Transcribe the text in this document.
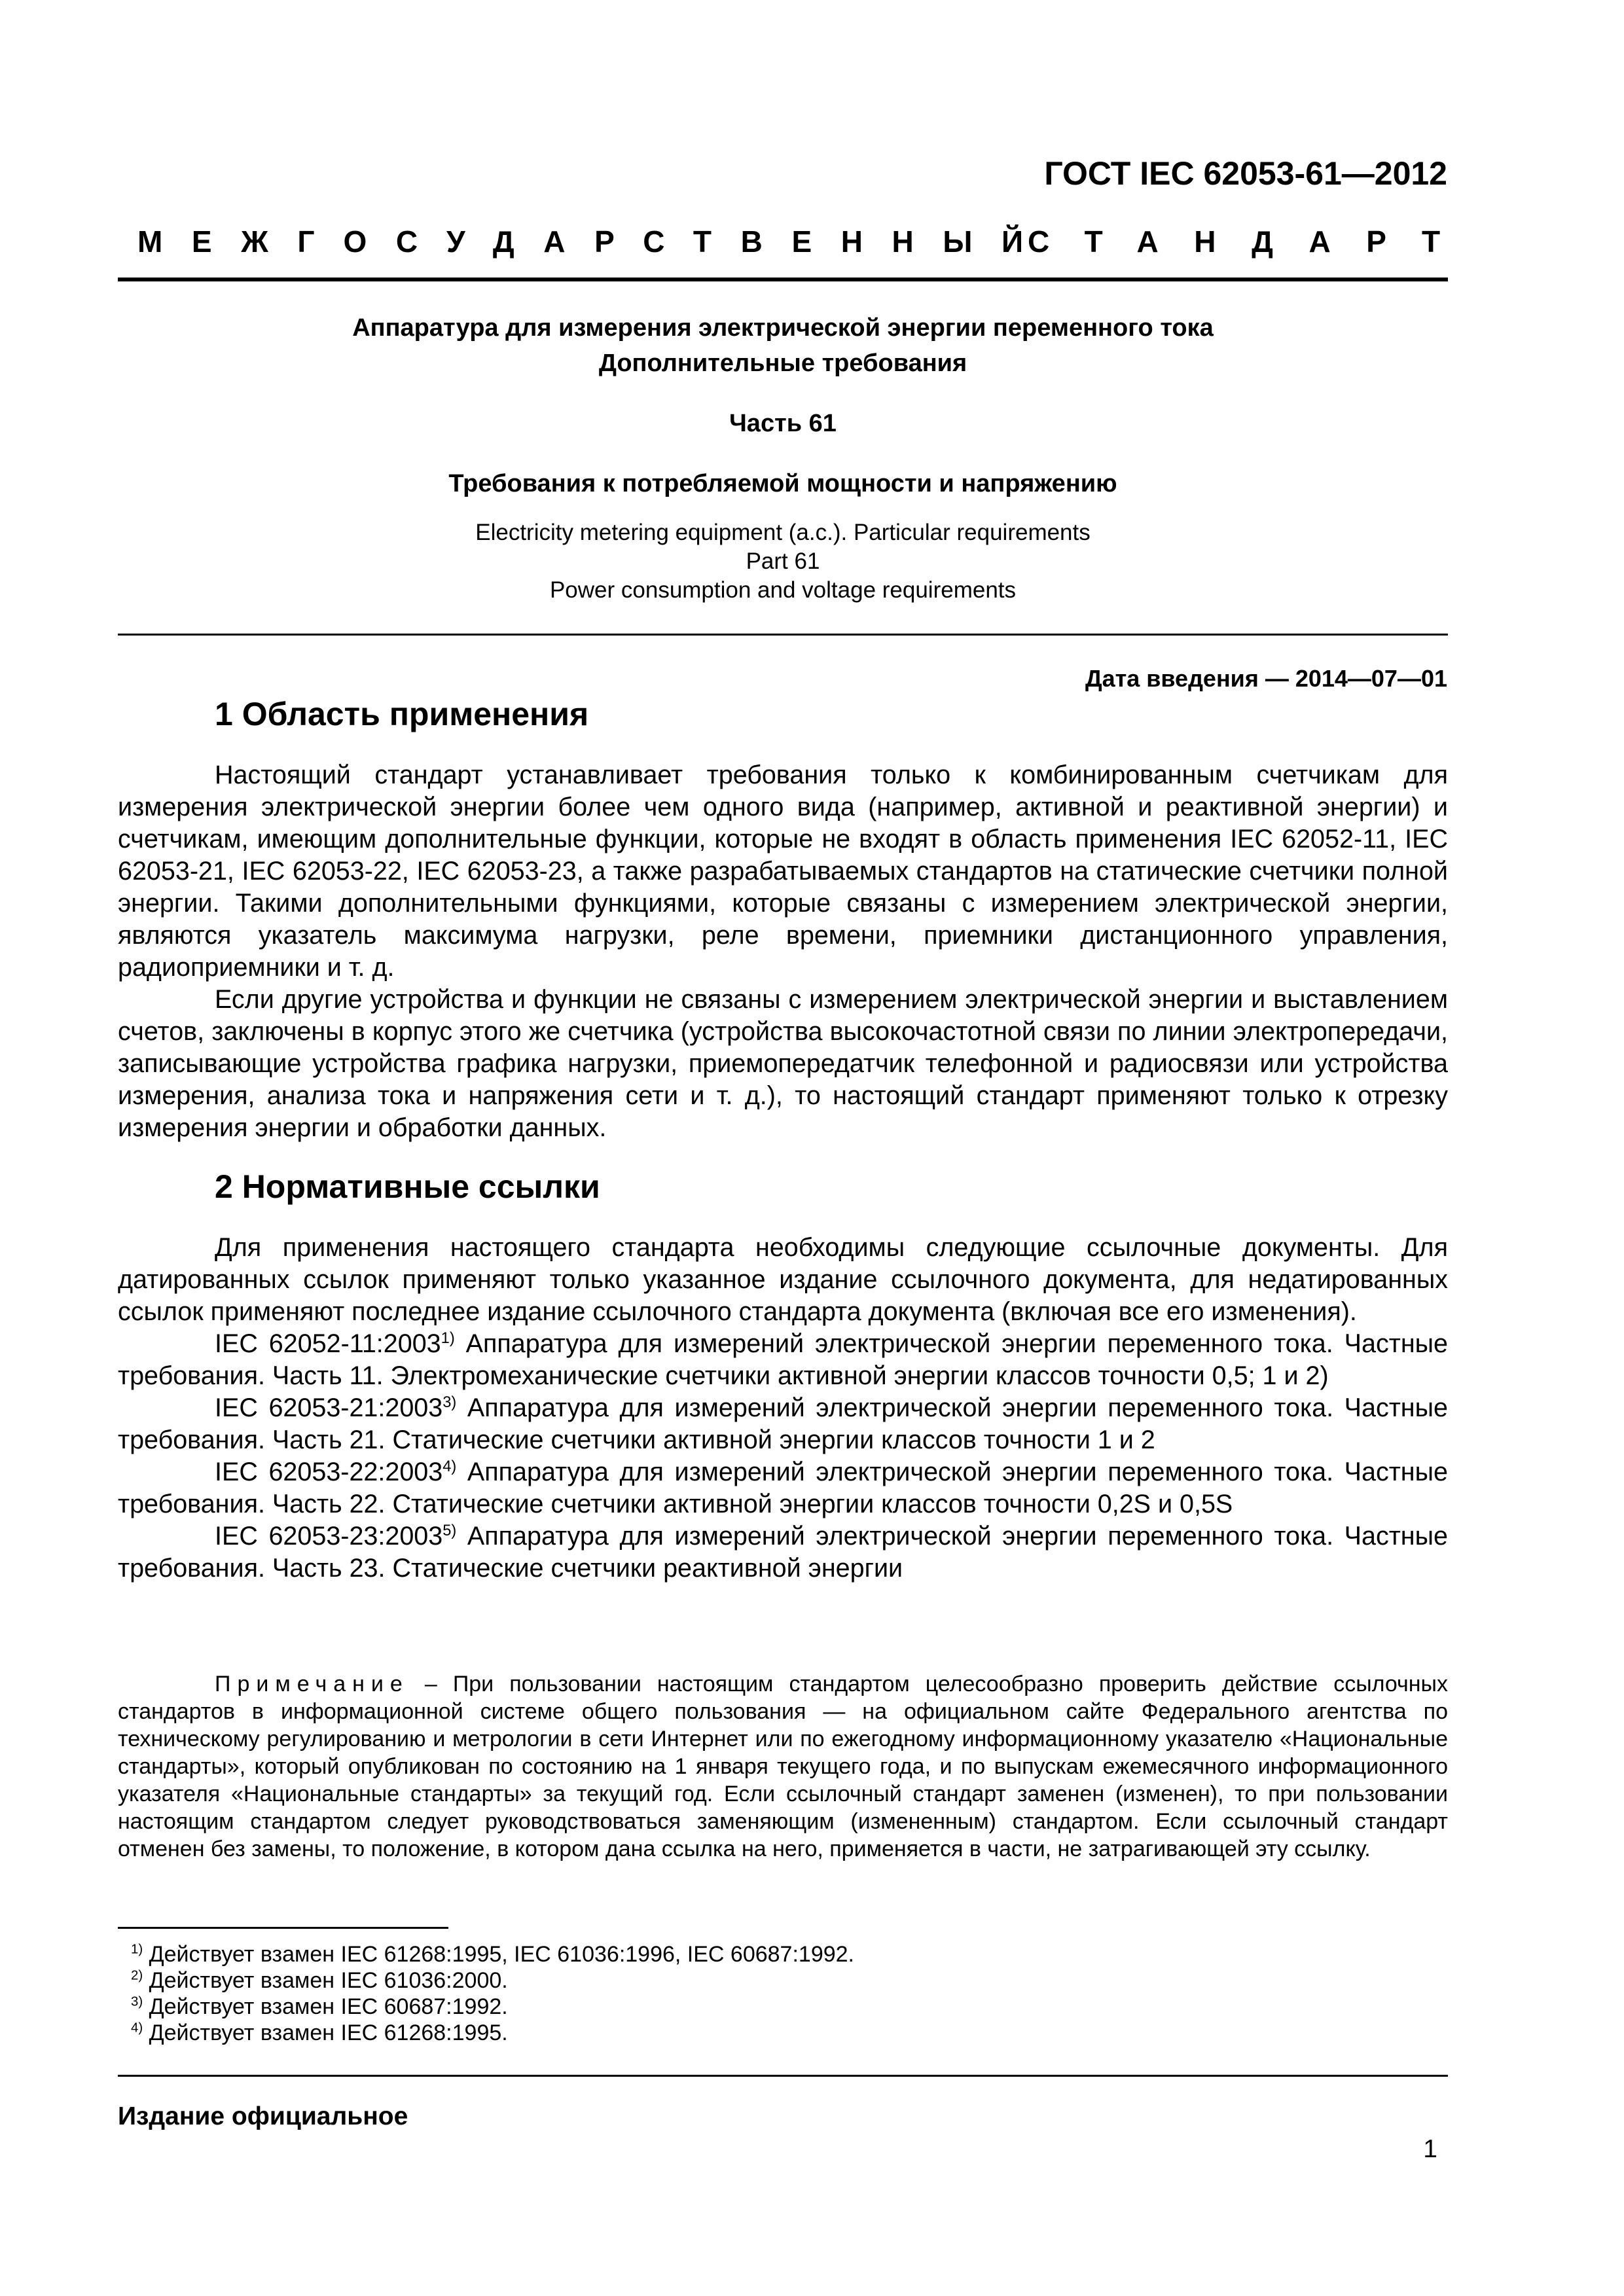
ГОСТ IEC 62053-61—2012

МЕЖГОСУДАРСТВЕННЫЙ

СТАНДАРТ

Аппаратура для измерения электрической энергии переменного тока
Дополнительные требования
Часть 61
Требования к потребляемой мощности и напряжению
Electricity metering equipment (a.c.). Particular requirements
Part 61
Power consumption and voltage requirements
Дата введения — 2014—07—01
1 Область применения

Настоящий стандарт устанавливает требования только к комбинированным счетчикам для измерения электрической энергии более чем одного вида (например, активной и реактивной энергии) и счетчикам, имеющим дополнительные функции, которые не входят в область применения IEC 62052-11, IEC 62053-21, IEC 62053-22, IEC 62053-23, а также разрабатываемых стандартов на статические счетчики полной энергии. Такими дополнительными функциями, которые связаны с измерением электрической энергии, являются указатель максимума нагрузки, реле времени, приемники дистанционного управления, радиоприемники и т. д.

Если другие устройства и функции не связаны с измерением электрической энергии и выставлением счетов, заключены в корпус этого же счетчика (устройства высокочастотной связи по линии электропередачи, записывающие устройства графика нагрузки, приемопередатчик телефонной и радиосвязи или устройства измерения, анализа тока и напряжения сети и т. д.), то настоящий стандарт применяют только к отрезку измерения энергии и обработки данных.

2 Нормативные ссылки

Для применения настоящего стандарта необходимы следующие ссылочные документы. Для датированных ссылок применяют только указанное издание ссылочного документа, для недатированных ссылок применяют последнее издание ссылочного стандарта документа (включая все его изменения).

IEC 62052-11:2003$^{1)}$ Аппаратура для измерений электрической энергии переменного тока. Частные требования. Часть 11. Электромеханические счетчики активной энергии классов точности 0,5; 1 и 2)

IEC 62053-21:2003$^{3)}$ Аппаратура для измерений электрической энергии переменного тока. Частные требования. Часть 21. Статические счетчики активной энергии классов точности 1 и 2

IEC 62053-22:2003$^{4)}$ Аппаратура для измерений электрической энергии переменного тока. Частные требования. Часть 22. Статические счетчики активной энергии классов точности 0,2S и 0,5S

IEC 62053-23:2003$^{5)}$ Аппаратура для измерений электрической энергии переменного тока. Частные требования. Часть 23. Статические счетчики реактивной энергии

Примечание – При пользовании настоящим стандартом целесообразно проверить действие ссылочных стандартов в информационной системе общего пользования — на официальном сайте Федерального агентства по техническому регулированию и метрологии в сети Интернет или по ежегодному информационному указателю «Национальные стандарты», который опубликован по состоянию на 1 января текущего года, и по выпускам ежемесячного информационного указателя «Национальные стандарты» за текущий год. Если ссылочный стандарт заменен (изменен), то при пользовании настоящим стандартом следует руководствоваться заменяющим (измененным) стандартом. Если ссылочный стандарт отменен без замены, то положение, в котором дана ссылка на него, применяется в части, не затрагивающей эту ссылку.

$^{1)}$ Действует взамен IEC 61268:1995, IEC 61036:1996, IEC 60687:1992.
$^{2)}$ Действует взамен IEC 61036:2000.
$^{3)}$ Действует взамен IEC 60687:1992.
$^{4)}$ Действует взамен IEC 61268:1995.
Издание официальное
1
